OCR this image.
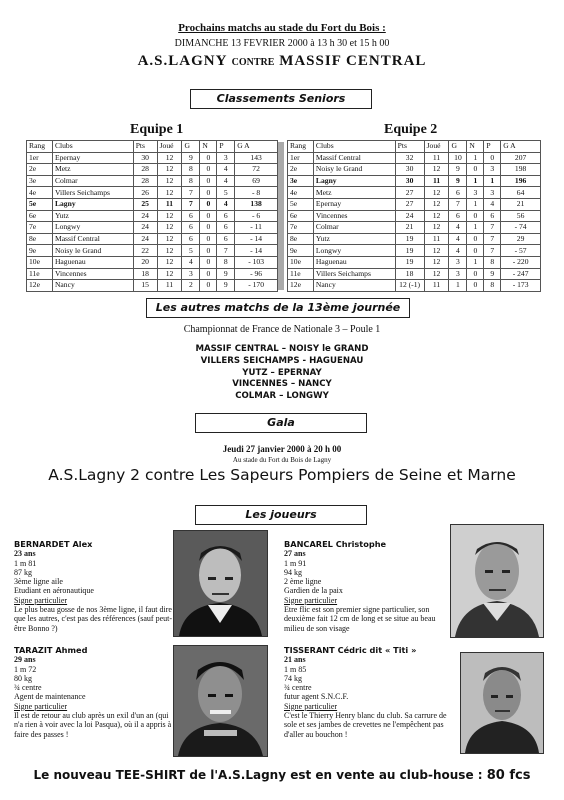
Prochains matchs au stade du Fort du Bois :
DIMANCHE 13 FEVRIER 2000 à 13 h 30 et 15 h 00
A.S.LAGNY CONTRE MASSIF CENTRAL
Classements Seniors
Equipe 1	Equipe 2
Rang	Clubs	Pts	Joué	G	N	P	G A
1er	Epernay	30	12	9	0	3	143
2e	Metz	28	12	8	0	4	72
3e	Colmar	28	12	8	0	4	69
4e	Villers Seichamps	26	12	7	0	5	- 8
5e	Lagny	25	11	7	0	4	138
6e	Yutz	24	12	6	0	6	- 6
7e	Longwy	24	12	6	0	6	- 11
8e	Massif Central	24	12	6	0	6	- 14
9e	Noisy le Grand	22	12	5	0	7	- 14
10e	Haguenau	20	12	4	0	8	- 103
11e	Vincennes	18	12	3	0	9	- 96
12e	Nancy	15	11	2	0	9	- 170
Rang	Clubs	Pts	Joué	G	N	P	G A
1er	Massif Central	32	11	10	1	0	207
2e	Noisy le Grand	30	12	9	0	3	198
3e	Lagny	30	11	9	1	1	196
4e	Metz	27	12	6	3	3	64
5e	Epernay	27	12	7	1	4	21
6e	Vincennes	24	12	6	0	6	56
7e	Colmar	21	12	4	1	7	- 74
8e	Yutz	19	11	4	0	7	29
9e	Longwy	19	12	4	0	7	- 57
10e	Haguenau	19	12	3	1	8	- 220
11e	Villers Seichamps	18	12	3	0	9	- 247
12e	Nancy	12 (-1)	11	1	0	8	- 173
Les autres matchs de la 13ème journée
Championnat de France de Nationale 3 – Poule 1
MASSIF CENTRAL – NOISY le GRAND
VILLERS SEICHAMPS - HAGUENAU
YUTZ – EPERNAY
VINCENNES – NANCY
COLMAR – LONGWY
Gala
Jeudi 27 janvier 2000 à 20 h 00
Au stade du Fort du Bois de Lagny
A.S.Lagny 2 contre Les Sapeurs Pompiers de Seine et Marne
Les joueurs
BERNARDET Alex
23 ans
1 m 81
87 kg
3ème ligne aile
Etudiant en aéronautique
Signe particulier
Le plus beau gosse de nos 3ème ligne, il faut dire que les autres, c'est pas des références (sauf peut-être Bonno ?)
BANCAREL Christophe
27 ans
1 m 91
94 kg
2 ème ligne
Gardien de la paix
Signe particulier
Etre flic est son premier signe particulier, son deuxième fait 12 cm de long et se situe au beau milieu de son visage
TARAZIT Ahmed
29 ans
1 m 72
80 kg
¾ centre
Agent de maintenance
Signe particulier
Il est de retour au club après un exil d'un an (qui n'a rien à voir avec la loi Pasqua), où il a appris à faire des passes !
TISSERANT Cédric dit « Titi »
21 ans
1 m 85
74 kg
¾ centre
futur agent S.N.C.F.
Signe particulier
C'est le Thierry Henry blanc du club. Sa carrure de sole et ses jambes de crevettes ne l'empêchent pas d'aller au bouchon !
Le nouveau TEE-SHIRT de l'A.S.Lagny est en vente au club-house : 80 fcs
